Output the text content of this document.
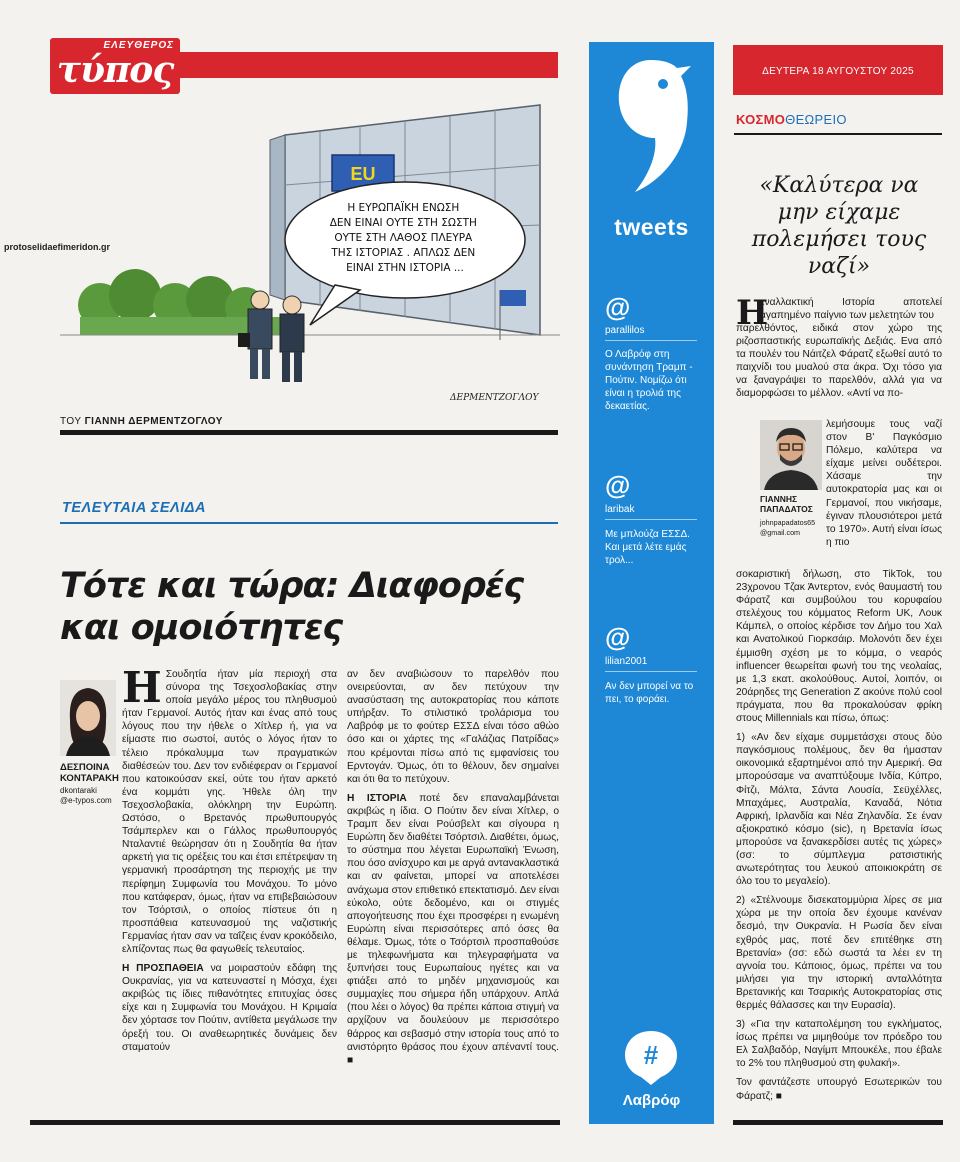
ΕΛΕΥΘΕΡΟΣ
τύπος
protoselidaefimeridon.gr
EU
Η ΕΥΡΩΠΑΪΚΗ ΕΝΩΣΗ ΔΕΝ ΕΙΝΑΙ ΟΥΤΕ ΣΤΗ ΣΩΣΤΗ ΟΥΤΕ ΣΤΗ ΛΑΘΟΣ ΠΛΕΥΡΑ ΤΗΣ ΙΣΤΟΡΙΑΣ . ΑΠΛΩΣ ΔΕΝ ΕΙΝΑΙ ΣΤΗΝ ΙΣΤΟΡΙΑ ...
ΔΕΡΜΕΝΤΖΟΓΛΟΥ
ΤΟΥ ΓΙΑΝΝΗ ΔΕΡΜΕΝΤΖΟΓΛΟΥ
ΤΕΛΕΥΤΑΙΑ ΣΕΛΙΔΑ
Τότε και τώρα: Διαφορές
και ομοιότητες
ΔΕΣΠΟΙΝΑ
ΚΟΝΤΑΡΑΚΗ
dkontaraki
@e-typos.com

Η Σουδητία ήταν μία περιοχή στα σύνορα της Τσεχοσλοβακίας στην οποία μεγάλο μέρος του πληθυσμού ήταν Γερμανοί. Αυτός ήταν και ένας από τους λόγους που την ήθελε ο Χίτλερ ή, για να είμαστε πιο σωστοί, αυτός ο λόγος ήταν το τέλειο πρόκαλυμμα των πραγματικών διαθέσεών του. Δεν τον ενδιέφεραν οι Γερμανοί που κατοικούσαν εκεί, ούτε του ήταν αρκετό ένα κομμάτι γης. Ήθελε όλη την Τσεχοσλοβακία, ολόκληρη την Ευρώπη. Ωστόσο, ο Βρετανός πρωθυπουργός Τσάμπερλεν και ο Γάλλος πρωθυπουργός Νταλαντιέ θεώρησαν ότι η Σουδητία θα ήταν αρκετή για τις ορέξεις του και έτσι επέτρεψαν τη γερμανική προσάρτηση της περιοχής με την περίφημη Συμφωνία του Μονάχου. Το μόνο που κατάφεραν, όμως, ήταν να επιβεβαιώσουν τον Τσόρτσιλ, ο οποίος πίστευε ότι η προσπάθεια κατευνασμού της ναζιστικής Γερμανίας ήταν σαν να ταΐζεις έναν κροκόδειλο, ελπίζοντας πως θα φαγωθείς τελευταίος.

Η ΠΡΟΣΠΑΘΕΙΑ να μοιραστούν εδάφη της Ουκρανίας, για να κατευναστεί η Μόσχα, έχει ακριβώς τις ίδιες πιθανότητες επιτυχίας όσες είχε και η Συμφωνία του Μονάχου. Η Κριμαία δεν χόρτασε τον Πούτιν, αντίθετα μεγάλωσε την όρεξή του. Οι αναθεωρητικές δυνάμεις δεν σταματούν

αν δεν αναβιώσουν το παρελθόν που ονειρεύονται, αν δεν πετύχουν την ανασύσταση της αυτοκρατορίας που κάποτε υπήρξαν. Το στιλιστικό τρολάρισμα του Λαβρόφ με το φούτερ ΕΣΣΔ είναι τόσο αθώο όσο και οι χάρτες της «Γαλάζιας Πατρίδας» που κρέμονται πίσω από τις εμφανίσεις του Ερντογάν. Όμως, ότι το θέλουν, δεν σημαίνει και ότι θα το πετύχουν.

Η ΙΣΤΟΡΙΑ ποτέ δεν επαναλαμβάνεται ακριβώς η ίδια. Ο Πούτιν δεν είναι Χίτλερ, ο Τραμπ δεν είναι Ρούσβελτ και σίγουρα η Ευρώπη δεν διαθέτει Τσόρτσιλ. Διαθέτει, όμως, το σύστημα που λέγεται Ευρωπαϊκή Ένωση, που όσο ανίσχυρο και με αργά αντανακλαστικά και αν φαίνεται, μπορεί να αποτελέσει ανάχωμα στον επιθετικό επεκτατισμό. Δεν είναι εύκολο, ούτε δεδομένο, και οι στιγμές απογοήτευσης που έχει προσφέρει η ενωμένη Ευρώπη είναι περισσότερες από όσες θα θέλαμε. Όμως, τότε ο Τσόρτσιλ προσπαθούσε με τηλεφωνήματα και τηλεγραφήματα να ξυπνήσει τους Ευρωπαίους ηγέτες και να φτιάξει από το μηδέν μηχανισμούς και συμμαχίες που σήμερα ήδη υπάρχουν. Απλά (που λέει ο λόγος) θα πρέπει κάποια στιγμή να αρχίζουν να δουλεύουν με περισσότερο θάρρος και σεβασμό στην ιστορία τους από το ανιστόρητο θράσος που έχουν απέναντί τους. ■

tweets
@
parallilos

Ο Λαβρόφ στη συνάντηση Τραμπ - Πούτιν. Νομίζω ότι είναι η τρολιά της δεκαετίας.

@
laribak

Με μπλούζα ΕΣΣΔ. Και μετά λέτε εμάς τρολ...

@
lilian2001

Αν δεν μπορεί να το πει, το φοράει.

#
Λαβρόφ
ΔΕΥΤΕΡΑ 18 ΑΥΓΟΥΣΤΟΥ 2025
ΚΟΣΜΟΘΕΩΡΕΙΟ
«Καλύτερα να μην είχαμε πολεμήσει τους ναζί»
Η

εναλλακτική Ιστορία αποτελεί αγαπημένο παίγνιο των μελετητών του

παρελθόντος, ειδικά στον χώρο της ριζοσπαστικής ευρωπαϊκής Δεξιάς. Ενα από τα πουλέν του Νάιτζελ Φάρατζ εξωθεί αυτό το παιχνίδι του μυαλού στα άκρα. Όχι τόσο για να ξαναγράψει το παρελθόν, αλλά για να διαμορφώσει το μέλλον. «Αντί να πο-

ΓΙΑΝΝΗΣ
ΠΑΠΑΔΑΤΟΣ
johnpapadatos65
@gmail.com

λεμήσουμε τους ναζί στον Β' Παγκόσμιο Πόλεμο, καλύτερα να είχαμε μείνει ουδέτεροι. Χάσαμε την αυτοκρατορία μας και οι Γερμανοί, που νικήσαμε, έγιναν πλουσιότεροι μετά το 1970». Αυτή είναι ίσως η πιο

σοκαριστική δήλωση, στο TikTok, του 23χρονου Τζακ Άντερτον, ενός θαυμαστή του Φάρατζ και συμβούλου του κορυφαίου στελέχους του κόμματος Reform UK, Λουκ Κάμπελ, ο οποίος κέρδισε τον Δήμο του Χαλ και Ανατολικού Γιορκσάιρ. Μολονότι δεν έχει έμμισθη σχέση με το κόμμα, ο νεαρός influencer θεωρείται φωνή του της νεολαίας, με 1,3 εκατ. ακολούθους. Αυτοί, λοιπόν, οι 20άρηδες της Generation Z ακούνε πολύ cool πράγματα, που θα προκαλούσαν φρίκη στους Millennials και πίσω, όπως:

1) «Αν δεν είχαμε συμμετάσχει στους δύο παγκόσμιους πολέμους, δεν θα ήμασταν οικονομικά εξαρτημένοι από την Αμερική. Θα μπορούσαμε να αναπτύξουμε Ινδία, Κύπρο, Φίτζι, Μάλτα, Σάντα Λουσία, Σεϋχέλλες, Μπαχάμες, Αυστραλία, Καναδά, Νότια Αφρική, Ιρλανδία και Νέα Ζηλανδία. Σε έναν αξιοκρατικό κόσμο (sic), η Βρετανία ίσως μπορούσε να ξανακερδίσει αυτές τις χώρες» (σσ: το σύμπλεγμα ρατσιστικής ανωτερότητας του λευκού αποικιοκράτη σε όλο του το μεγαλείο).

2) «Στέλνουμε δισεκατομμύρια λίρες σε μια χώρα με την οποία δεν έχουμε κανέναν δεσμό, την Ουκρανία. Η Ρωσία δεν είναι εχθρός μας, ποτέ δεν επιτέθηκε στη Βρετανία» (σσ: εδώ σωστά τα λέει εν τη αγνοία του. Κάποιος, όμως, πρέπει να του μιλήσει για την ιστορική ανταλλότητα Βρετανικής και Τσαρικής Αυτοκρατορίας στις θερμές θάλασσες και την Ευρασία).

3) «Για την καταπολέμηση του εγκλήματος, ίσως πρέπει να μιμηθούμε τον πρόεδρο του Ελ Σαλβαδόρ, Ναγίμπ Μπουκέλε, που έβαλε το 2% του πληθυσμού στη φυλακή».

Τον φαντάζεστε υπουργό Εσωτερικών του Φάρατζ; ■
